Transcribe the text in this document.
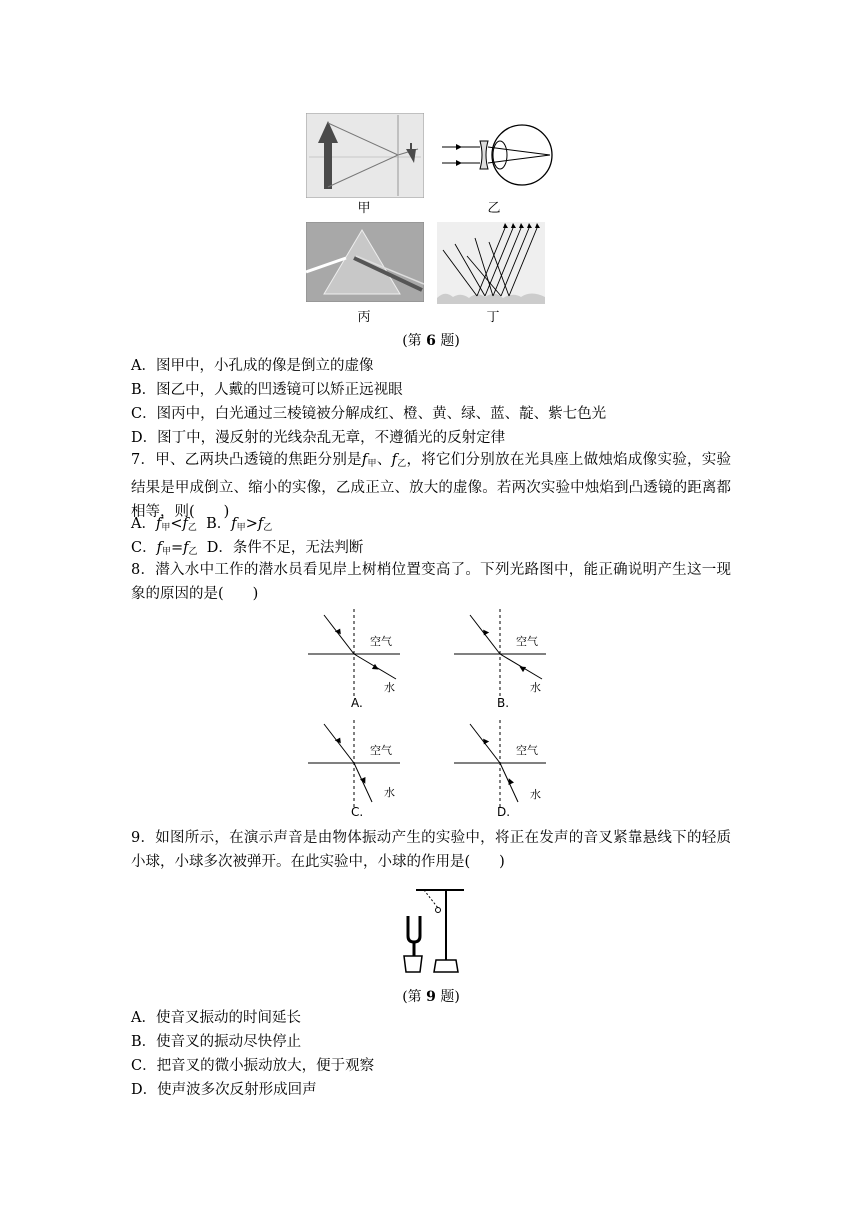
甲	乙
丙	丁
(第 6 题)
A．图甲中，小孔成的像是倒立的虚像
B．图乙中，人戴的凹透镜可以矫正远视眼
C．图丙中，白光通过三棱镜被分解成红、橙、黄、绿、蓝、靛、紫七色光
D．图丁中，漫反射的光线杂乱无章，不遵循光的反射定律
7．甲、乙两块凸透镜的焦距分别是$f_甲$、$f_乙$，将它们分别放在光具座上做烛焰成像实验，实验结果是甲成倒立、缩小的实像，乙成正立、放大的虚像。若两次实验中烛焰到凸透镜的距离都相等，则(　　)
A．$f_甲<f_乙$ B．$f_甲>f_乙$
C．$f_甲=f_乙$ D．条件不足，无法判断
8．潜入水中工作的潜水员看见岸上树梢位置变高了。下列光路图中，能正确说明产生这一现象的原因的是(　　)
空气
水
A.
空气
水
B.
空气
水
C.
空气
水
D.
9．如图所示，在演示声音是由物体振动产生的实验中，将正在发声的音叉紧靠悬线下的轻质小球，小球多次被弹开。在此实验中，小球的作用是(　　)
(第 9 题)
A．使音叉振动的时间延长
B．使音叉的振动尽快停止
C．把音叉的微小振动放大，便于观察
D．使声波多次反射形成回声
